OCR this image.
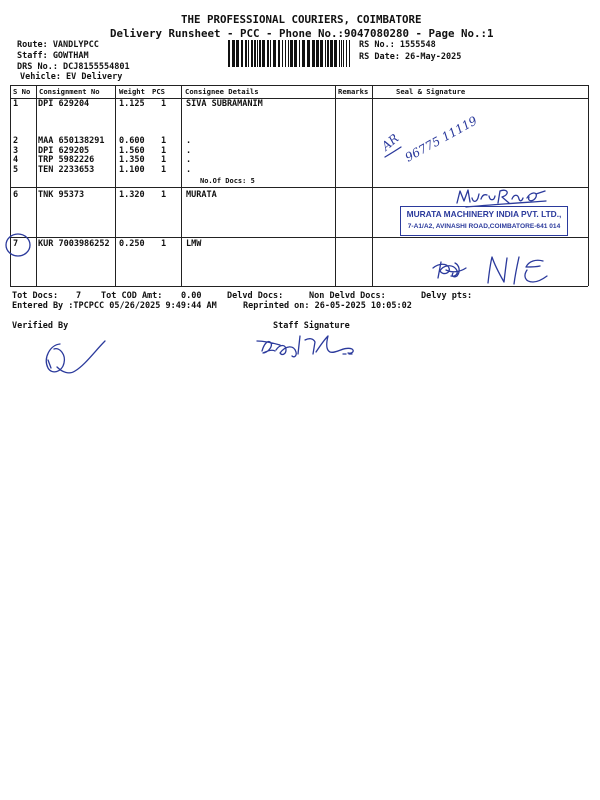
THE PROFESSIONAL COURIERS, COIMBATORE
Delivery Runsheet - PCC - Phone No.:9047080280 - Page No.:1
Route: VANDLYPCC
Staff: GOWTHAM
DRS No.: DCJ8155554801
Vehicle: EV Delivery
RS No.: 1555548
RS Date: 26-May-2025
S No Consignment No	Weight PCS	Consignee Details	Remarks	Seal & Signature
1 DPI 629204	1.125 1 SIVA SUBRAMANIM
2 MAA 650138291 0.600 1 .
3 DPI 629205	1.560 1 .
4 TRP 5982226	1.350 1 .
5 TEN 2233653	1.100 1 .
No.Of Docs: 5
6 TNK 95373	1.320 1 MURATA
7 KUR 7003986252 0.250 1 LMW
MURATA MACHINERY INDIA PVT. LTD.,
7-A1/A2, AVINASHI ROAD,COIMBATORE-641 014
Tot Docs: 7 Tot COD Amt: 0.00	Delvd Docs:	Non Delvd Docs:	Delvy pts:
Entered By :TPCPCC 05/26/2025 9:49:44 AM	Reprinted on: 26-05-2025 10:05:02
Verified By	Staff Signature
AR 96775 11119
